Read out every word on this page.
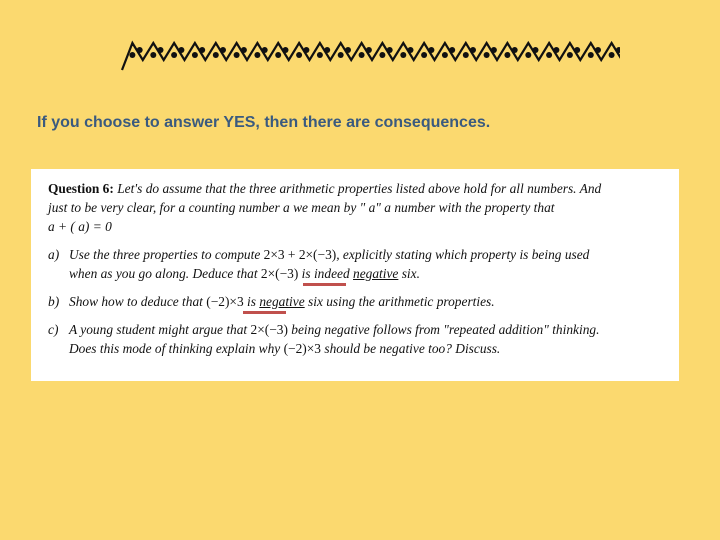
If you choose to answer YES, then there are consequences.
Question 6: Let's do assume that the three arithmetic properties listed above hold for all numbers. And
just to be very clear, for a counting number a we mean by " a" a number with the property that
a + ( a) = 0
a) Use the three properties to compute 2×3 + 2×(−3), explicitly stating which property is being used
when as you go along. Deduce that 2×(−3) is indeed negative six.
b) Show how to deduce that (−2)×3 is negative six using the arithmetic properties.
c) A young student might argue that 2×(−3) being negative follows from "repeated addition" thinking.
Does this mode of thinking explain why (−2)×3 should be negative too? Discuss.
